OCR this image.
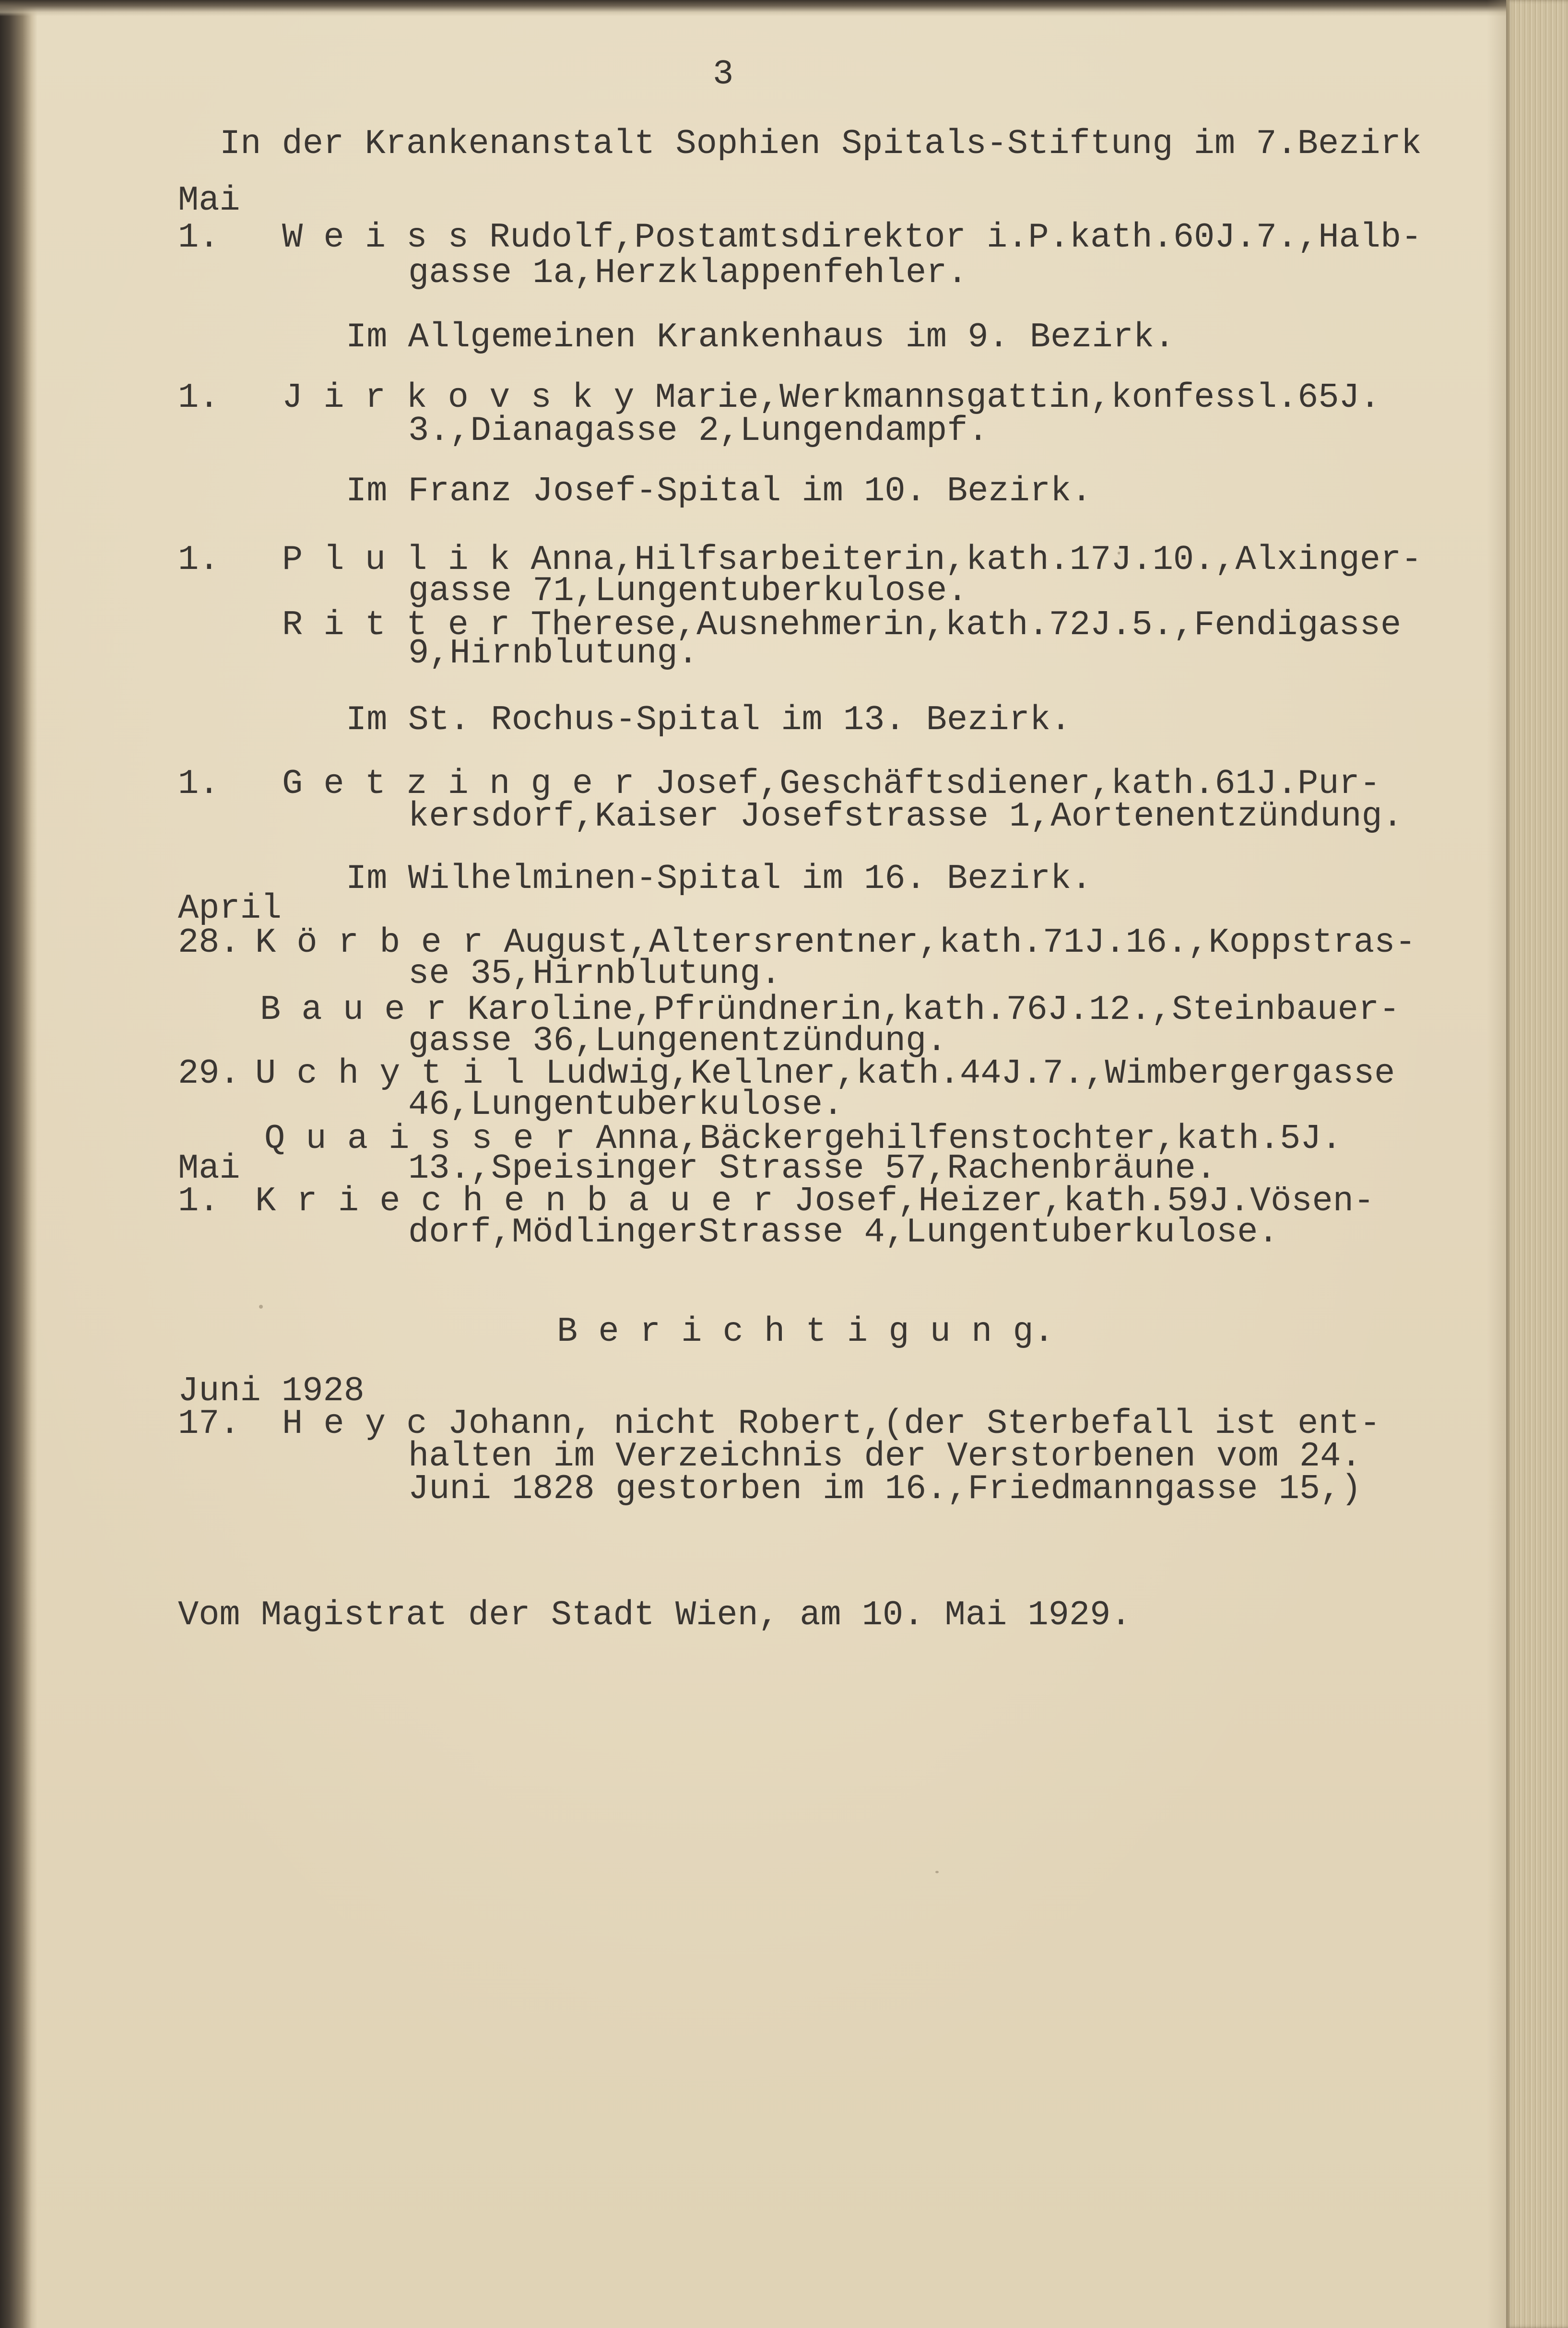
3
In der Krankenanstalt Sophien Spitals-Stiftung im 7.Bezirk
Mai
1. W e i s s Rudolf,Postamtsdirektor i.P.kath.60J.7.,Halb-
gasse 1a,Herzklappenfehler.
Im Allgemeinen Krankenhaus im 9. Bezirk.
1. J i r k o v s k y Marie,Werkmannsgattin,konfessl.65J.
3.,Dianagasse 2,Lungendampf.
Im Franz Josef-Spital im 10. Bezirk.
1. P l u l i k Anna,Hilfsarbeiterin,kath.17J.10.,Alxinger-
gasse 71,Lungentuberkulose.
R i t t e r Therese,Ausnehmerin,kath.72J.5.,Fendigasse
9,Hirnblutung.
Im St. Rochus-Spital im 13. Bezirk.
1. G e t z i n g e r Josef,Geschäftsdiener,kath.61J.Pur-
kersdorf,Kaiser Josefstrasse 1,Aortenentzündung.
Im Wilhelminen-Spital im 16. Bezirk.
April
28. K ö r b e r August,Altersrentner,kath.71J.16.,Koppstras-
se 35,Hirnblutung.
B a u e r Karoline,Pfründnerin,kath.76J.12.,Steinbauer-
gasse 36,Lungenentzündung.
29. U c h y t i l Ludwig,Kellner,kath.44J.7.,Wimbergergasse
46,Lungentuberkulose.
Q u a i s s e r Anna,Bäckergehilfenstochter,kath.5J.
Mai	13.,Speisinger Strasse 57,Rachenbräune.
1. K r i e c h e n b a u e r Josef,Heizer,kath.59J.Vösen-
dorf,MödlingerStrasse 4,Lungentuberkulose.
B e r i c h t i g u n g.
Juni 1928
17. H e y c Johann, nicht Robert,(der Sterbefall ist ent-
halten im Verzeichnis der Verstorbenen vom 24.
Juni 1828 gestorben im 16.,Friedmanngasse 15,)
Vom Magistrat der Stadt Wien, am 10. Mai 1929.
